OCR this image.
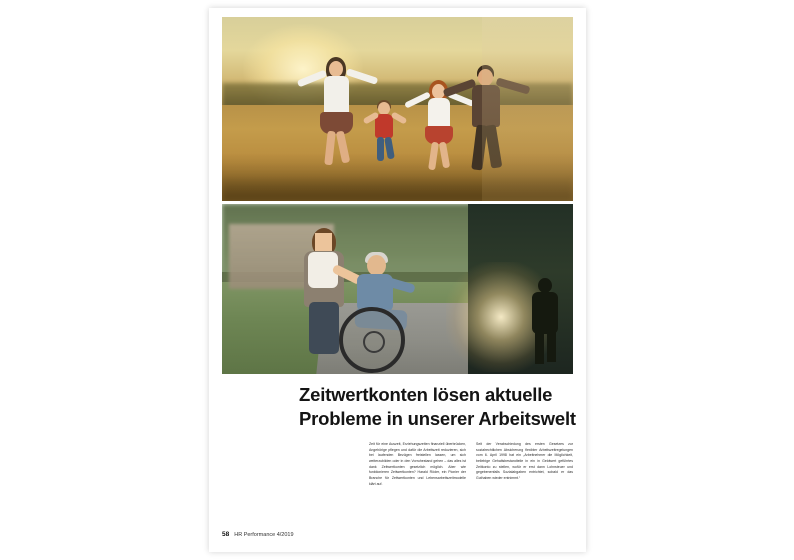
Zeitwertkonten lösen aktuelle
Probleme in unserer Arbeitswelt
Zeit für eine Auszeit, Erziehungszeiten finanziell überbrücken, Angehörige pflegen und dafür die Arbeitszeit reduzieren, sich bei laufenden Bezügen freistellen lassen, um sich weiterzubilden oder in den Vorruhestand gehen – das alles ist dank Zeitwertkonten gesetzlich möglich. Aber wie funktionieren Zeitwertkonten? Harald Röder, ein Pionier der Branche für Zeitwertkonten und Lebensarbeitszeitmodelle klärt auf.
Seit der Verabschiedung des ersten Gesetzes zur sozialrechtlichen Absicherung flexibler Arbeitszeitregelungen vom 6. April 1998 hat ein „Arbeitnehmer die Möglichkeit, beliebige Gehaltsbestandteile in ein in Geldwert geführtes Zeitkonto zu stellen, wofür er erst dann Lohnsteuer und gegebenenfalls Sozialabgaben entrichtet, sobald er das Guthaben wieder entnimmt.“
58 HR Performance 4/2019
